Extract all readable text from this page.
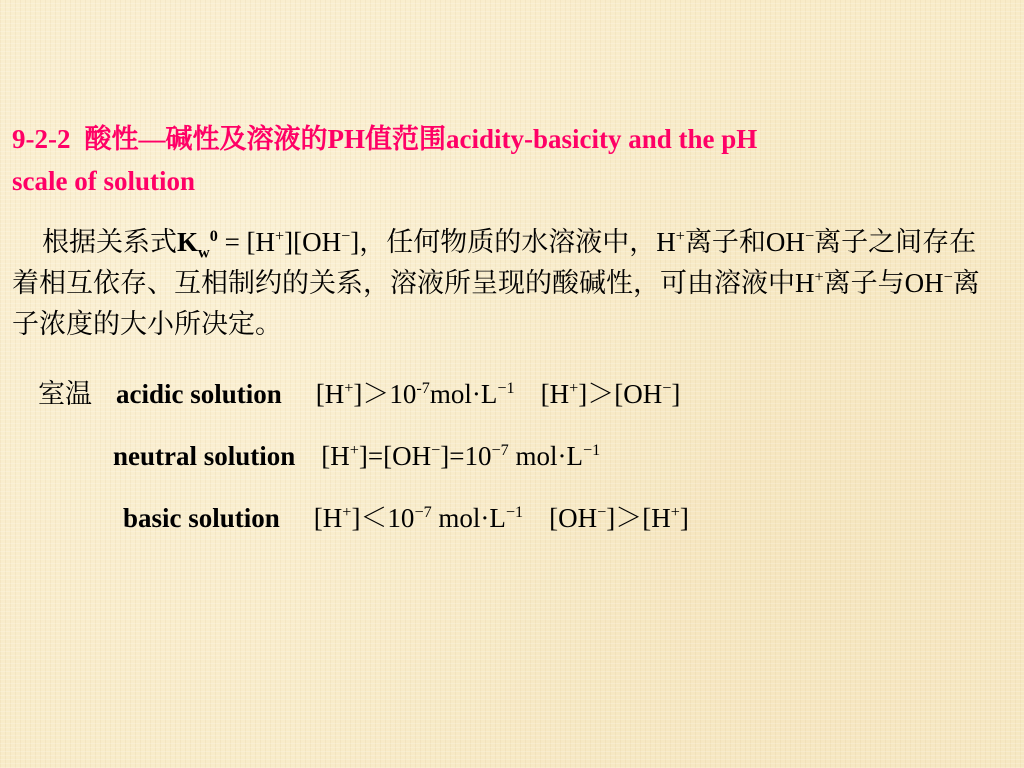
9-2-2 酸性—碱性及溶液的PH值范围acidity-basicity and the pH
scale of solution
根据关系式$K_w^0 = [H^+][OH^-]$，任何物质的水溶液中，H+离子和OH−离子之间存在着相互依存、互相制约的关系，溶液所呈现的酸碱性，可由溶液中H+离子与OH−离子浓度的大小所决定。
室温 acidic solution $[H^+]>10^{-7}mol\cdot L^{-1}$ [H+]＞[OH−]
neutral solution $[H^+]=[OH^-]=10^{-7}$ $mol\cdot L^{-1}$
basic solution $[H^+]<10^{-7}$ $mol\cdot L^{-1}$ [OH−]＞[H+]
